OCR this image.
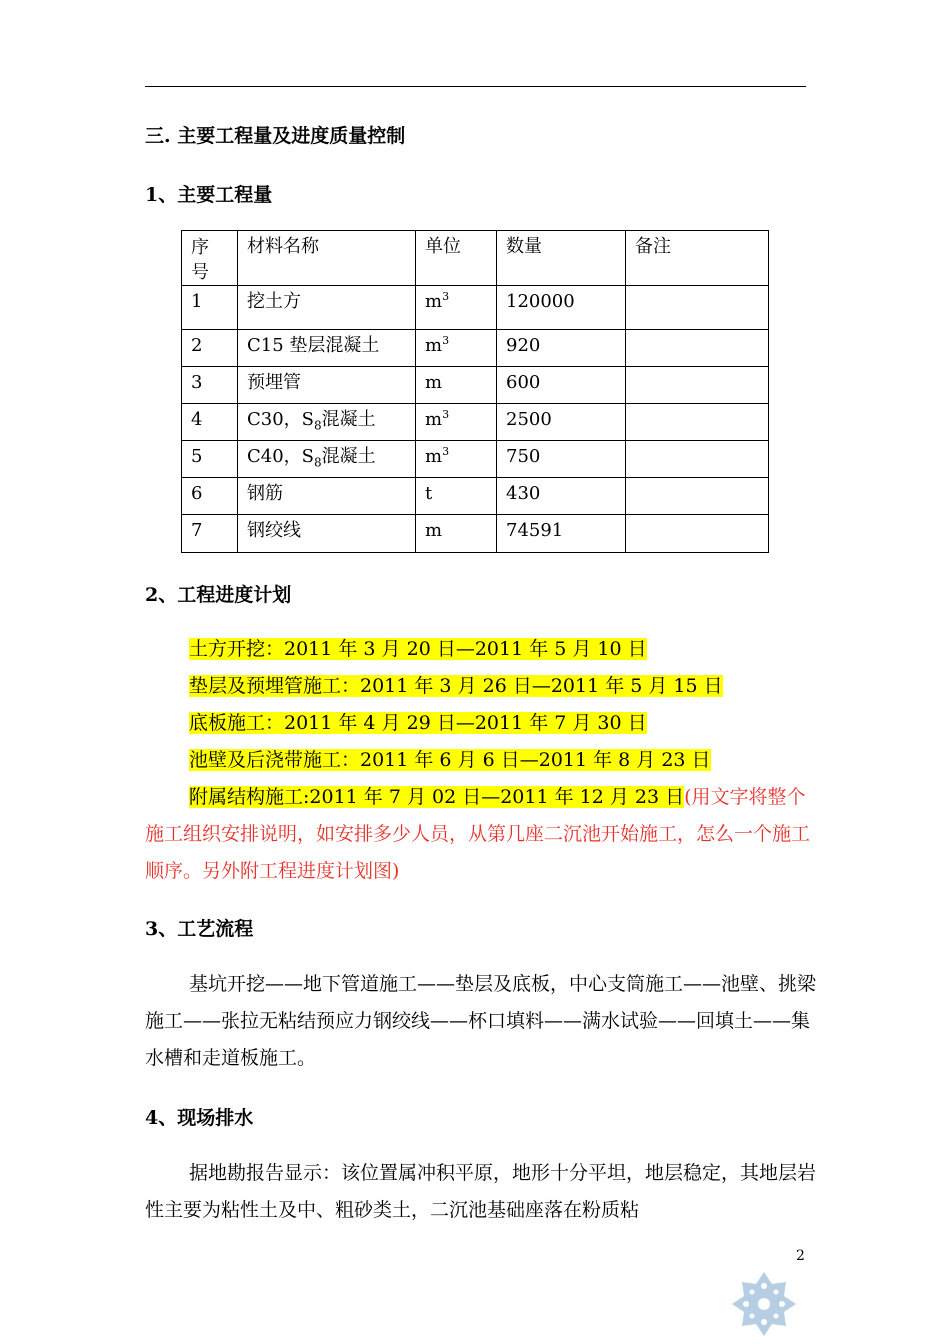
三. 主要工程量及进度质量控制
1、主要工程量
序号	材料名称	单位	数量	备注
1	挖土方	$m^3$	120000	
2	C15 垫层混凝土	$m^3$	920	
3	预埋管	m	600	
4	C30，$S_8$混凝土	$m^3$	2500	
5	C40，$S_8$混凝土	$m^3$	750	
6	钢筋	t	430	
7	钢绞线	m	74591	
2、工程进度计划
土方开挖：2011 年 3 月 20 日—2011 年 5 月 10 日
垫层及预埋管施工：2011 年 3 月 26 日—2011 年 5 月 15 日
底板施工：2011 年 4 月 29 日—2011 年 7 月 30 日
池壁及后浇带施工：2011 年 6 月 6 日—2011 年 8 月 23 日
附属结构施工:2011 年 7 月 02 日—2011 年 12 月 23 日(用文字将整个施工组织安排说明，如安排多少人员，从第几座二沉池开始施工，怎么一个施工顺序。另外附工程进度计划图)
3、工艺流程
基坑开挖——地下管道施工——垫层及底板，中心支筒施工——池壁、挑梁施工——张拉无粘结预应力钢绞线——杯口填料——满水试验——回填土——集水槽和走道板施工。
4、现场排水
据地勘报告显示：该位置属冲积平原，地形十分平坦，地层稳定，其地层岩性主要为粘性土及中、粗砂类土，二沉池基础座落在粉质粘
2
